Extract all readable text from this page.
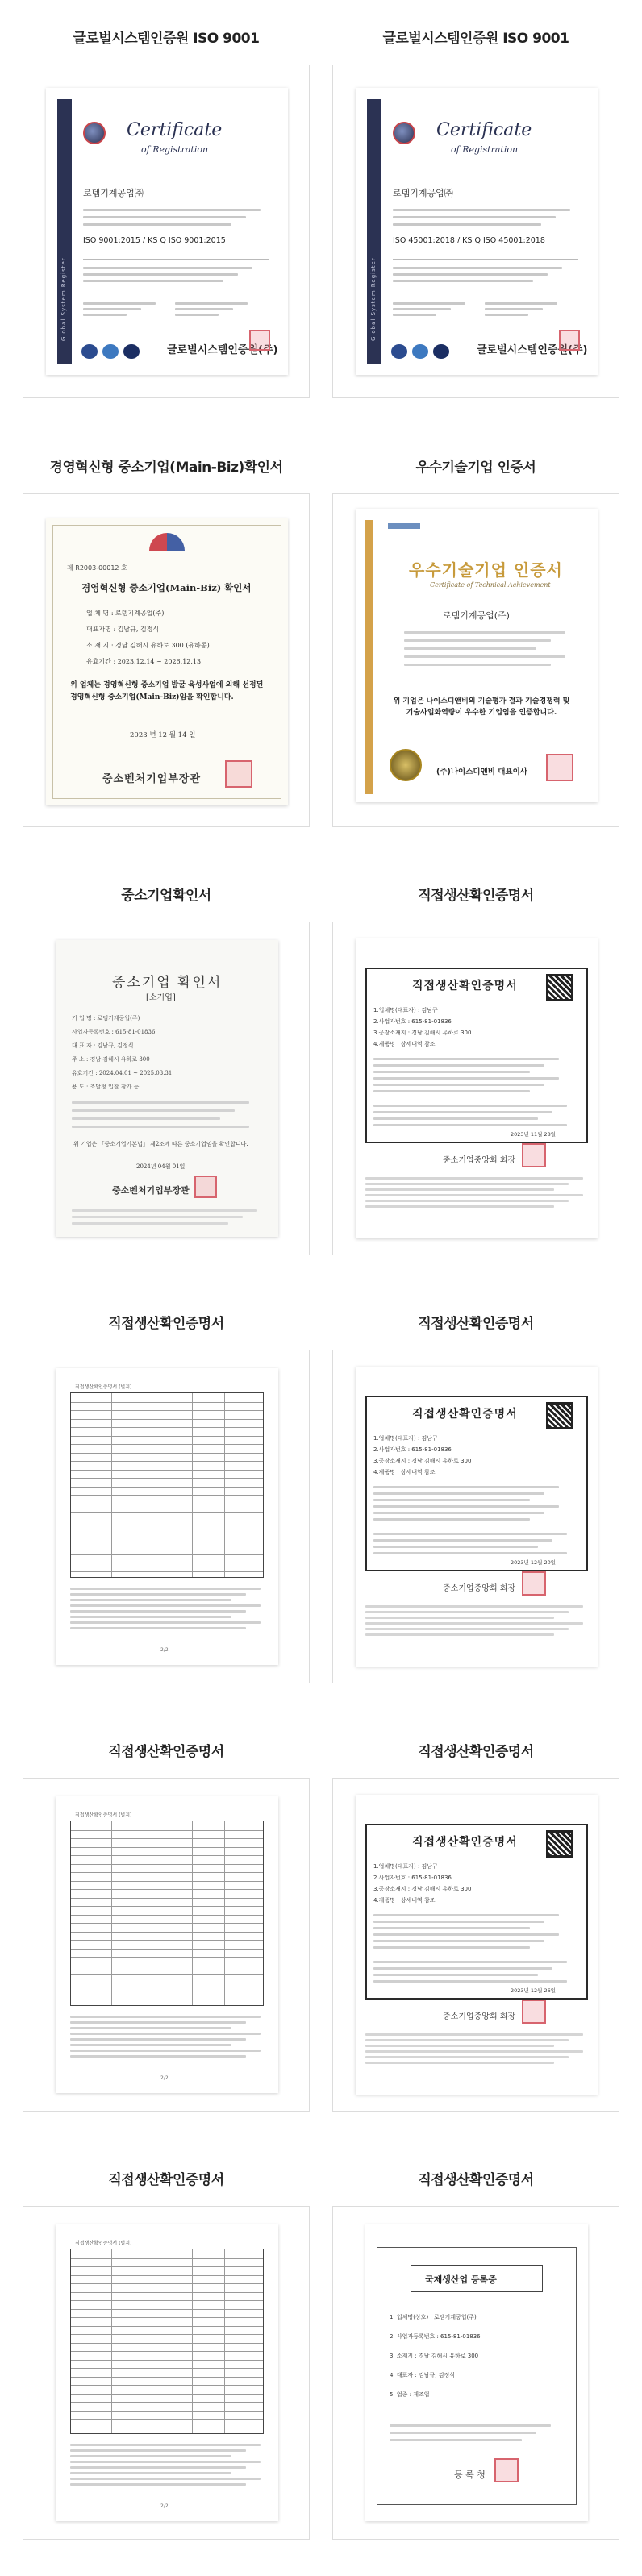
글로벌시스템인증원 ISO 9001
Global System Register
Certificate
of Registration
로뎀기계공업㈜
ISO 9001:2015 / KS Q ISO 9001:2015
글로벌시스템인증원(주)
글로벌시스템인증원 ISO 9001
Global System Register
Certificate
of Registration
로뎀기계공업㈜
ISO 45001:2018 / KS Q ISO 45001:2018
글로벌시스템인증원(주)
경영혁신형 중소기업(Main-Biz)확인서
제 R2003-00012 호
경영혁신형 중소기업(Main-Biz) 확인서
업 체 명 : 로뎀기계공업(주)
대표자명 : 김남규, 김정식
소 재 지 : 경남 김해시 유하로 300 (유하동)
유효기간 : 2023.12.14 ~ 2026.12.13
위 업체는 경영혁신형 중소기업 발굴 육성사업에 의해 선정된 경영혁신형 중소기업(Main-Biz)임을 확인합니다.
2023 년 12 월 14 일
중소벤처기업부장관
우수기술기업 인증서
우수기술기업 인증서
Certificate of Technical Achievement
로뎀기계공업(주)
위 기업은 나이스디앤비의 기술평가 결과 기술경쟁력 및 기술사업화역량이 우수한 기업임을 인증합니다.
(주)나이스디앤비 대표이사
중소기업확인서
중소기업 확인서
[소기업]
기 업 명 : 로뎀기계공업(주)
사업자등록번호 : 615-81-01836
대 표 자 : 김남규, 김정식
주 소 : 경남 김해시 유하로 300
유효기간 : 2024.04.01 ~ 2025.03.31
용 도 : 조달청 입찰 참가 등
위 기업은 「중소기업기본법」 제2조에 따른 중소기업임을 확인합니다.
2024년 04월 01일
중소벤처기업부장관
직접생산확인증명서
직접생산확인증명서
1.업체명(대표자) : 김남규
2.사업자번호 : 615-81-01836
3.공장소재지 : 경남 김해시 유하로 300
4.제품명 : 상세내역 참조
2023년 11월 28일
중소기업중앙회 회장
직접생산확인증명서
직접생산확인증명서 (별지)
2/2
직접생산확인증명서
직접생산확인증명서
1.업체명(대표자) : 김남규
2.사업자번호 : 615-81-01836
3.공장소재지 : 경남 김해시 유하로 300
4.제품명 : 상세내역 참조
2023년 12월 20일
중소기업중앙회 회장
직접생산확인증명서
직접생산확인증명서 (별지)
2/2
직접생산확인증명서
직접생산확인증명서
1.업체명(대표자) : 김남규
2.사업자번호 : 615-81-01836
3.공장소재지 : 경남 김해시 유하로 300
4.제품명 : 상세내역 참조
2023년 12월 26일
중소기업중앙회 회장
직접생산확인증명서
직접생산확인증명서 (별지)
2/2
직접생산확인증명서
국제생산업 등록증
1. 업체명(상호) : 로뎀기계공업(주)
2. 사업자등록번호 : 615-81-01836
3. 소재지 : 경남 김해시 유하로 300
4. 대표자 : 김남규, 김정식
5. 업종 : 제조업
등 록 청
